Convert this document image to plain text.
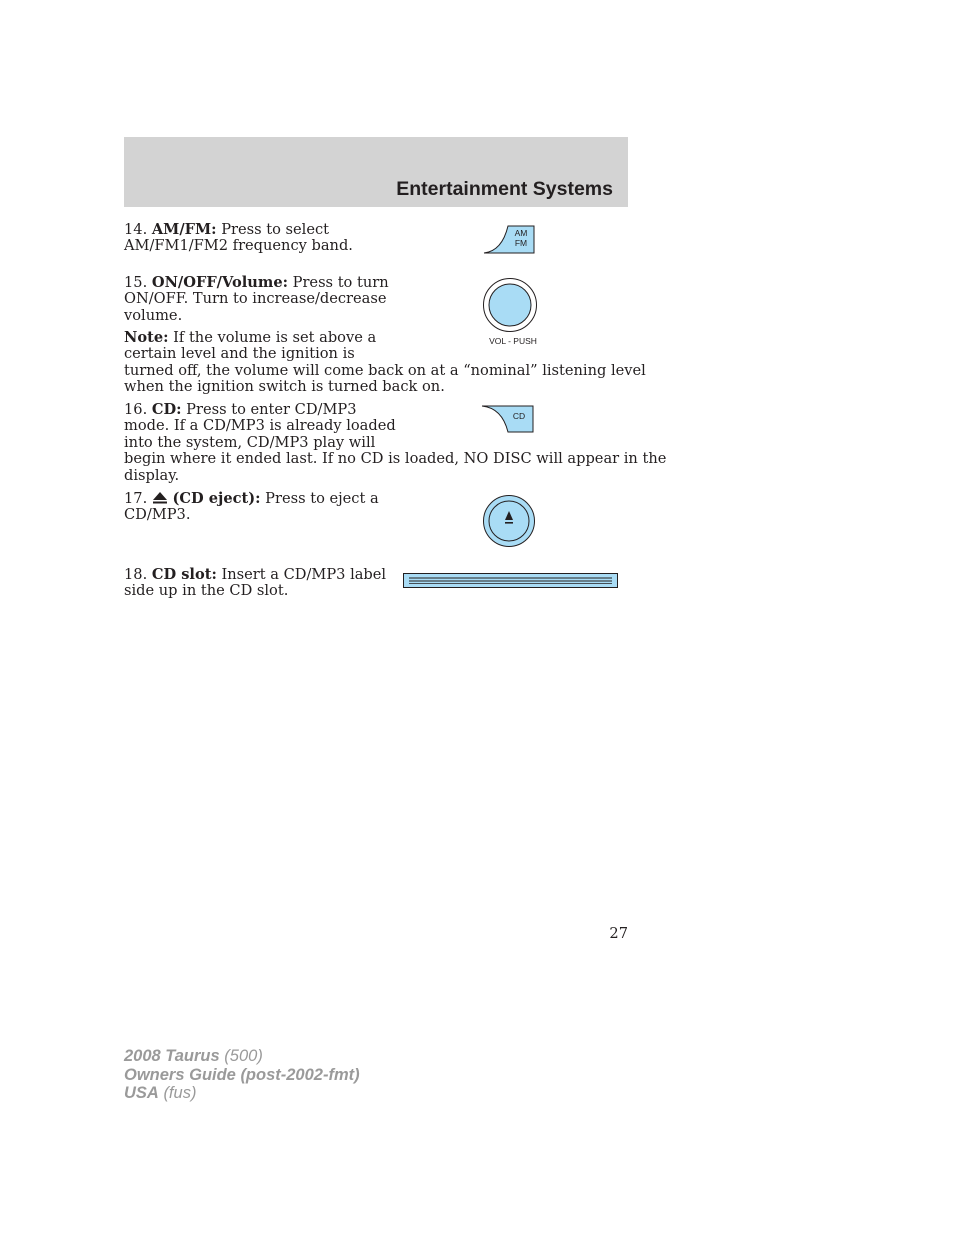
Entertainment Systems
14. AM/FM: Press to select
AM/FM1/FM2 frequency band.
AM
FM
15. ON/OFF/Volume: Press to turn
ON/OFF. Turn to increase/decrease
volume.
VOL - PUSH
Note: If the volume is set above a
certain level and the ignition is
turned off, the volume will come back on at a “nominal” listening level
when the ignition switch is turned back on.
16. CD: Press to enter CD/MP3
mode. If a CD/MP3 is already loaded
into the system, CD/MP3 play will
begin where it ended last. If no CD is loaded, NO DISC will appear in the
display.
CD
17. (CD eject): Press to eject a
CD/MP3.
18. CD slot: Insert a CD/MP3 label
side up in the CD slot.
27
2008 Taurus (500)
Owners Guide (post-2002-fmt)
USA (fus)
